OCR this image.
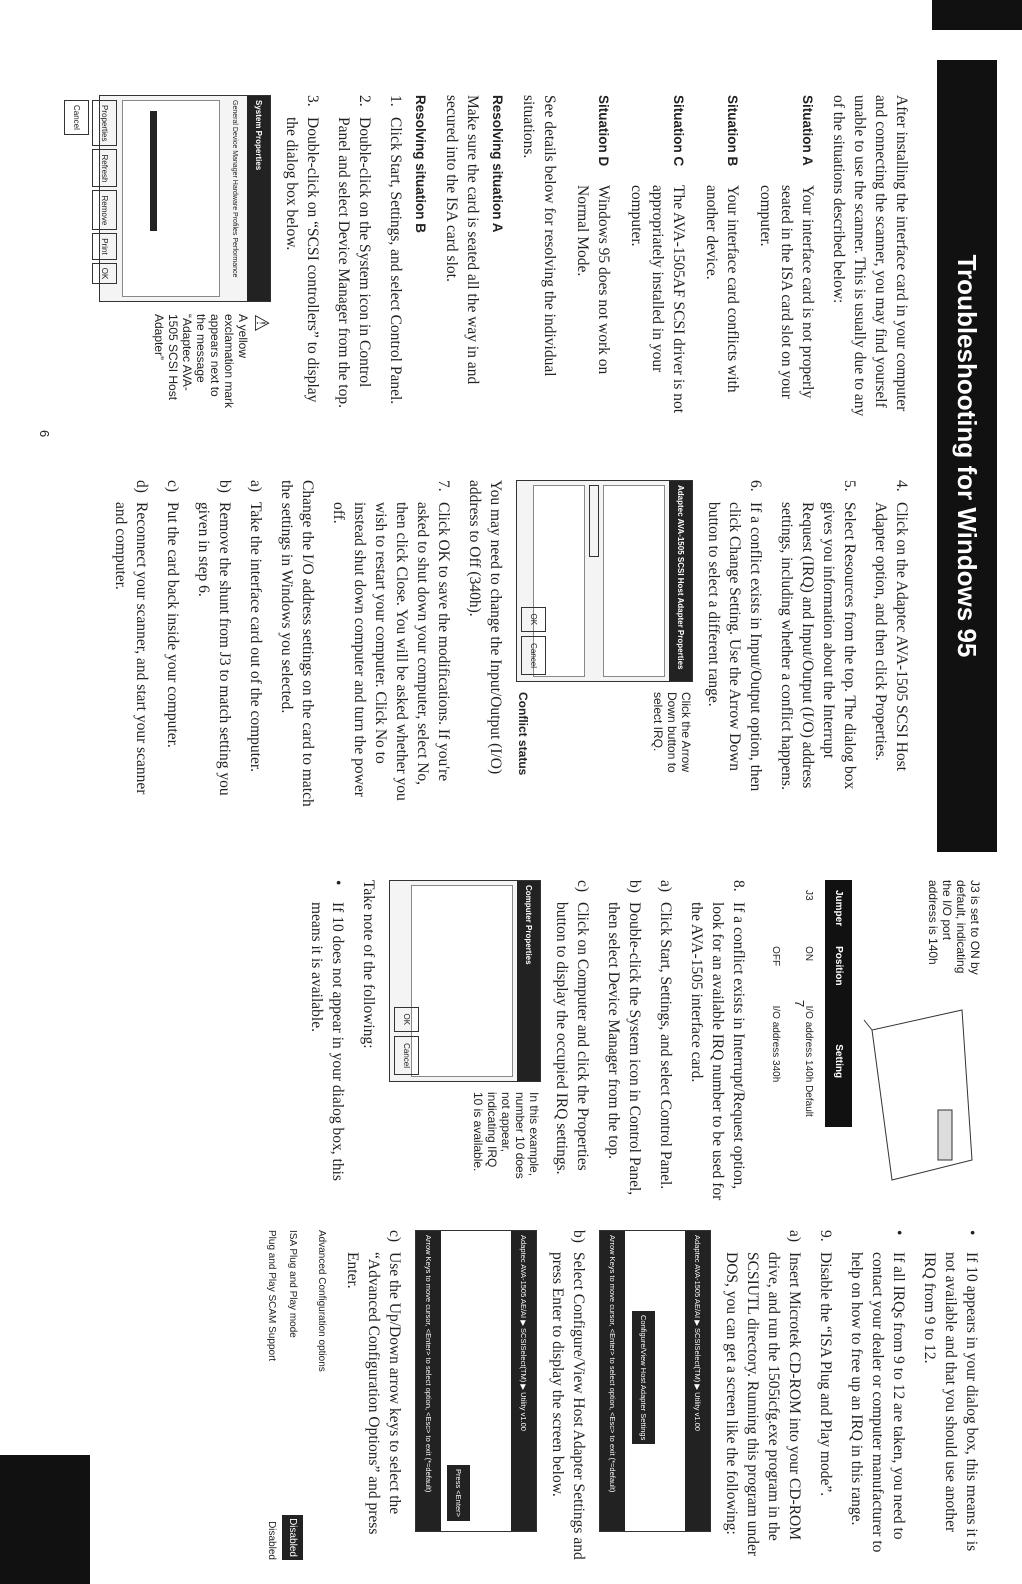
Troubleshooting for Windows 95

After installing the interface card in your computer and connecting the scanner, you may find yourself unable to use the scanner. This is usually due to any of the situations described below:

Situation A
Your interface card is not properly seated in the ISA card slot on your computer.
Situation B
Your interface card conflicts with another device.
Situation C
The AVA-1505AF SCSI driver is not appropriately installed in your computer.
Situation D
Windows 95 does not work on Normal Mode.

See details below for resolving the individual situations.

Resolving situation A

Make sure the card is seated all the way in and secured into the ISA card slot.

Resolving situation B
1.
Click Start, Settings, and select Control Panel.
2.
Double-click on the System icon in Control Panel and select Device Manager from the top.
3.
Double-click on “SCSI controllers” to display the dialog box below.
System Properties
General Device Manager Hardware Profiles Performance
Properties
Refresh
Remove
Print
OK
Cancel
⚠
A yellow exclamation mark appears next to the message “Adaptec AVA-1505 SCSI Host Adapter”
4.
Click on the Adaptec AVA-1505 SCSI Host Adapter option, and then click Properties.
5.
Select Resources from the top. The dialog box gives you information about the Interrupt Request (IRQ) and Input/Output (I/O) address settings, including whether a conflict happens.
6.
If a conflict exists in Input/Output option, then click Change Setting. Use the Arrow Down button to select a different range.
Adaptec AVA-1505 SCSI Host Adapter Properties
OK
Cancel
Click the Arrow Down button to select IRQ.
Conflict status

You may need to change the Input/Output (I/O) address to Off (340h).

7.
Click OK to save the modifications. If you're asked to shut down your computer, select No, then click Close. You will be asked whether you wish to restart your computer. Click No to instead shut down computer and turn the power off.

Change the I/O address settings on the card to match the settings in Windows you selected.

a)
Take the interface card out of the computer.
b)
Remove the shunt from J3 to match setting you given in step 6.
c)
Put the card back inside your computer.
d)
Reconnect your scanner, and start your scanner and computer.
6
J3 is set to ON by default, indicating the I/O port address is 140h
Jumper	Position	Setting
J3	ON	I/O address 140h Default
	OFF	I/O address 340h
8.
If a conflict exists in Interrupt/Request option, look for an available IRQ number to be used for the AVA-1505 interface card.
a)
Click Start, Settings, and select Control Panel.
b)
Double-click the System icon in Control Panel, then select Device Manager from the top.
c)
Click on Computer and click the Properties button to display the occupied IRQ settings.
Computer Properties
OK
Cancel
In this example, number 10 does not appear, indicating IRQ 10 is available.

Take note of the following:

•
If 10 does not appear in your dialog box, this means it is available.
•
If 10 appears in your dialog box, this means it is not available and that you should use another IRQ from 9 to 12.
•
If all IRQs from 9 to 12 are taken, you need to contact your dealer or computer manufacturer to help on how to free up an IRQ in this range.
9.
Disable the “ISA Plug and Play mode”.
a)
Insert Microtek CD-ROM into your CD-ROM drive, and run the 1505icfg.exe program in the SCSIUTL directory. Running this program under DOS, you can get a screen like the following:
Adaptec AVA-1505 AE/AI ▶ SCSISelect(TM) ▶ Utility v1.00
Configure/View Host Adapter Settings
Arrow Keys to move cursor, <Enter> to select option, <Esc> to exit (*=default)
b)
Select Configure/View Host Adapter Settings and press Enter to display the screen below.
Adaptec AVA-1505 AE/AI ▶ SCSISelect(TM) ▶ Utility v1.00
Press <Enter>
Arrow Keys to move cursor, <Enter> to select option, <Esc> to exit (*=default)
c)
Use the Up/Down arrow keys to select the “Advanced Configuration Options” and press Enter.
Advanced Configuration options
ISA Plug and Play mode
Disabled
Plug and Play SCAM Support
Disabled
7
